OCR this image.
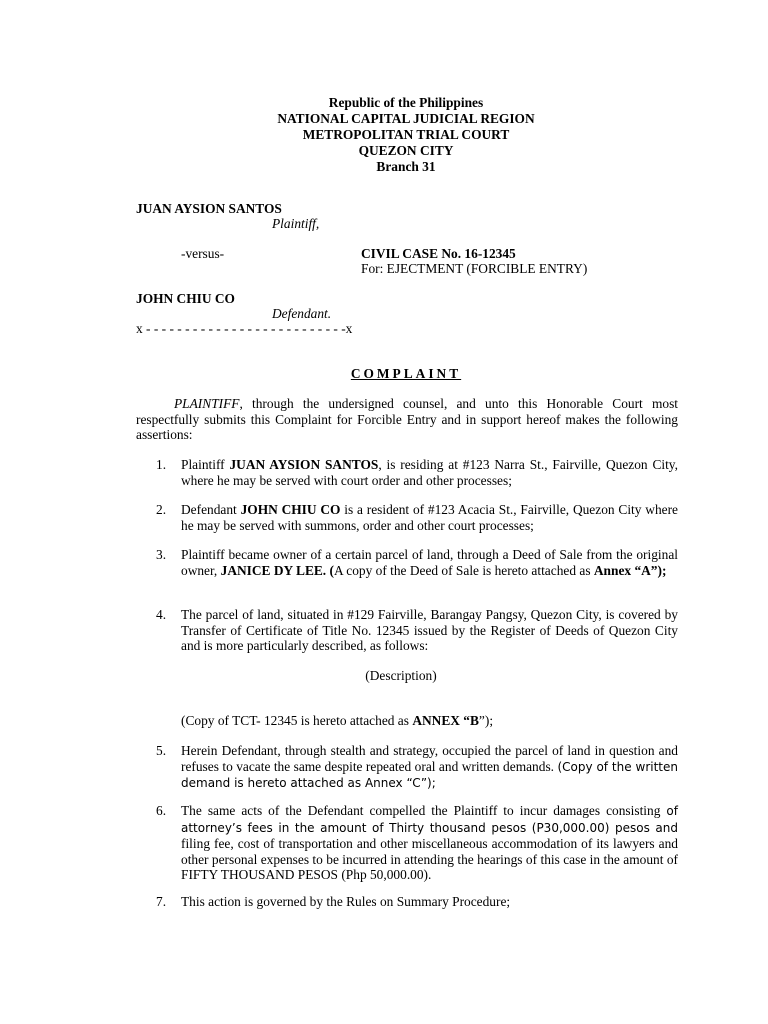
Republic of the Philippines
NATIONAL CAPITAL JUDICIAL REGION
METROPOLITAN TRIAL COURT
QUEZON CITY
Branch 31
JUAN AYSION SANTOS
Plaintiff,
-versus-	CIVIL CASE No. 16-12345
For: EJECTMENT (FORCIBLE ENTRY)
JOHN CHIU CO
Defendant.
x - - - - - - - - - - - - - - - - - - - - - - - - - -x
COMPLAINT
PLAINTIFF, through the undersigned counsel, and unto this Honorable Court most respectfully submits this Complaint for Forcible Entry and in support hereof makes the following assertions:
1. Plaintiff JUAN AYSION SANTOS, is residing at #123 Narra St., Fairville, Quezon City, where he may be served with court order and other processes;
2. Defendant JOHN CHIU CO is a resident of #123 Acacia St., Fairville, Quezon City where he may be served with summons, order and other court processes;
3. Plaintiff became owner of a certain parcel of land, through a Deed of Sale from the original owner, JANICE DY LEE. (A copy of the Deed of Sale is hereto attached as Annex “A”);
4. The parcel of land, situated in #129 Fairville, Barangay Pangsy, Quezon City, is covered by Transfer of Certificate of Title No. 12345 issued by the Register of Deeds of Quezon City and is more particularly described, as follows:
(Description)
(Copy of TCT- 12345 is hereto attached as ANNEX “B”);
5. Herein Defendant, through stealth and strategy, occupied the parcel of land in question and refuses to vacate the same despite repeated oral and written demands. (Copy of the written demand is hereto attached as Annex “C”);
6. The same acts of the Defendant compelled the Plaintiff to incur damages consisting of attorney’s fees in the amount of Thirty thousand pesos (P30,000.00) pesos and filing fee, cost of transportation and other miscellaneous accommodation of its lawyers and other personal expenses to be incurred in attending the hearings of this case in the amount of FIFTY THOUSAND PESOS (Php 50,000.00).
7. This action is governed by the Rules on Summary Procedure;
